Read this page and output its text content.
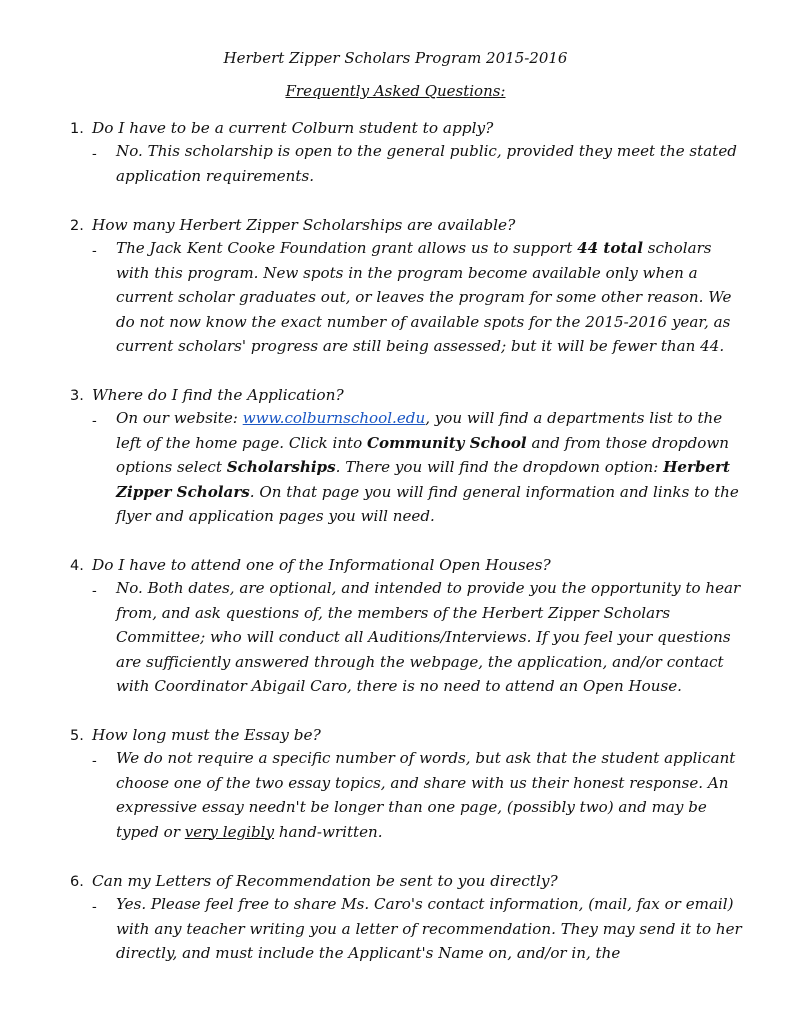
Herbert Zipper Scholars Program 2015-2016
Frequently Asked Questions:
1. Do I have to be a current Colburn student to apply?
- No. This scholarship is open to the general public, provided they meet the stated application requirements.
2. How many Herbert Zipper Scholarships are available?
- The Jack Kent Cooke Foundation grant allows us to support 44 total scholars with this program. New spots in the program become available only when a current scholar graduates out, or leaves the program for some other reason. We do not now know the exact number of available spots for the 2015-2016 year, as current scholars' progress are still being assessed; but it will be fewer than 44.
3. Where do I find the Application?
- On our website: www.colburnschool.edu, you will find a departments list to the left of the home page. Click into Community School and from those dropdown options select Scholarships. There you will find the dropdown option: Herbert Zipper Scholars. On that page you will find general information and links to the flyer and application pages you will need.
4. Do I have to attend one of the Informational Open Houses?
- No. Both dates, are optional, and intended to provide you the opportunity to hear from, and ask questions of, the members of the Herbert Zipper Scholars Committee; who will conduct all Auditions/Interviews. If you feel your questions are sufficiently answered through the webpage, the application, and/or contact with Coordinator Abigail Caro, there is no need to attend an Open House.
5. How long must the Essay be?
- We do not require a specific number of words, but ask that the student applicant choose one of the two essay topics, and share with us their honest response. An expressive essay needn't be longer than one page, (possibly two) and may be typed or very legibly hand-written.
6. Can my Letters of Recommendation be sent to you directly?
- Yes. Please feel free to share Ms. Caro's contact information, (mail, fax or email) with any teacher writing you a letter of recommendation. They may send it to her directly, and must include the Applicant's Name on, and/or in, the
